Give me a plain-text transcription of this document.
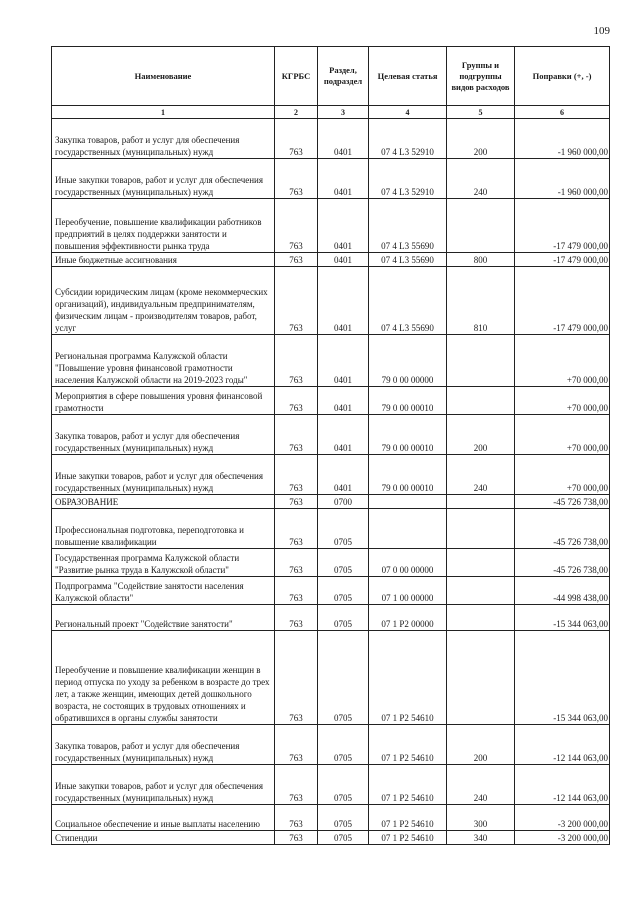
109
Наименование	КГРБС	Раздел, подраздел	Целевая статья	Группы и подгруппы видов расходов	Поправки (+, -)
1	2	3	4	5	6
Закупка товаров, работ и услуг для обеспечения государственных (муниципальных) нужд	763	0401	07 4 L3 52910	200	-1 960 000,00
Иные закупки товаров, работ и услуг для обеспечения государственных (муниципальных) нужд	763	0401	07 4 L3 52910	240	-1 960 000,00
Переобучение, повышение квалификации работников предприятий в целях поддержки занятости и повышения эффективности рынка труда	763	0401	07 4 L3 55690		-17 479 000,00
Иные бюджетные ассигнования	763	0401	07 4 L3 55690	800	-17 479 000,00
Субсидии юридическим лицам (кроме некоммерческих организаций), индивидуальным предпринимателям, физическим лицам - производителям товаров, работ, услуг	763	0401	07 4 L3 55690	810	-17 479 000,00
Региональная программа Калужской области "Повышение уровня финансовой грамотности населения Калужской области на 2019-2023 годы"	763	0401	79 0 00 00000		+70 000,00
Мероприятия в сфере повышения уровня финансовой грамотности	763	0401	79 0 00 00010		+70 000,00
Закупка товаров, работ и услуг для обеспечения государственных (муниципальных) нужд	763	0401	79 0 00 00010	200	+70 000,00
Иные закупки товаров, работ и услуг для обеспечения государственных (муниципальных) нужд	763	0401	79 0 00 00010	240	+70 000,00
ОБРАЗОВАНИЕ	763	0700			-45 726 738,00
Профессиональная подготовка, переподготовка и повышение квалификации	763	0705			-45 726 738,00
Государственная программа Калужской области "Развитие рынка труда в Калужской области"	763	0705	07 0 00 00000		-45 726 738,00
Подпрограмма "Содействие занятости населения Калужской области"	763	0705	07 1 00 00000		-44 998 438,00
Региональный проект "Содействие занятости"	763	0705	07 1 P2 00000		-15 344 063,00
Переобучение и повышение квалификации женщин в период отпуска по уходу за ребенком в возрасте до трех лет, а также женщин, имеющих детей дошкольного возраста, не состоящих в трудовых отношениях и обратившихся в органы службы занятости	763	0705	07 1 P2 54610		-15 344 063,00
Закупка товаров, работ и услуг для обеспечения государственных (муниципальных) нужд	763	0705	07 1 P2 54610	200	-12 144 063,00
Иные закупки товаров, работ и услуг для обеспечения государственных (муниципальных) нужд	763	0705	07 1 P2 54610	240	-12 144 063,00
Социальное обеспечение и иные выплаты населению	763	0705	07 1 P2 54610	300	-3 200 000,00
Стипендии	763	0705	07 1 P2 54610	340	-3 200 000,00
